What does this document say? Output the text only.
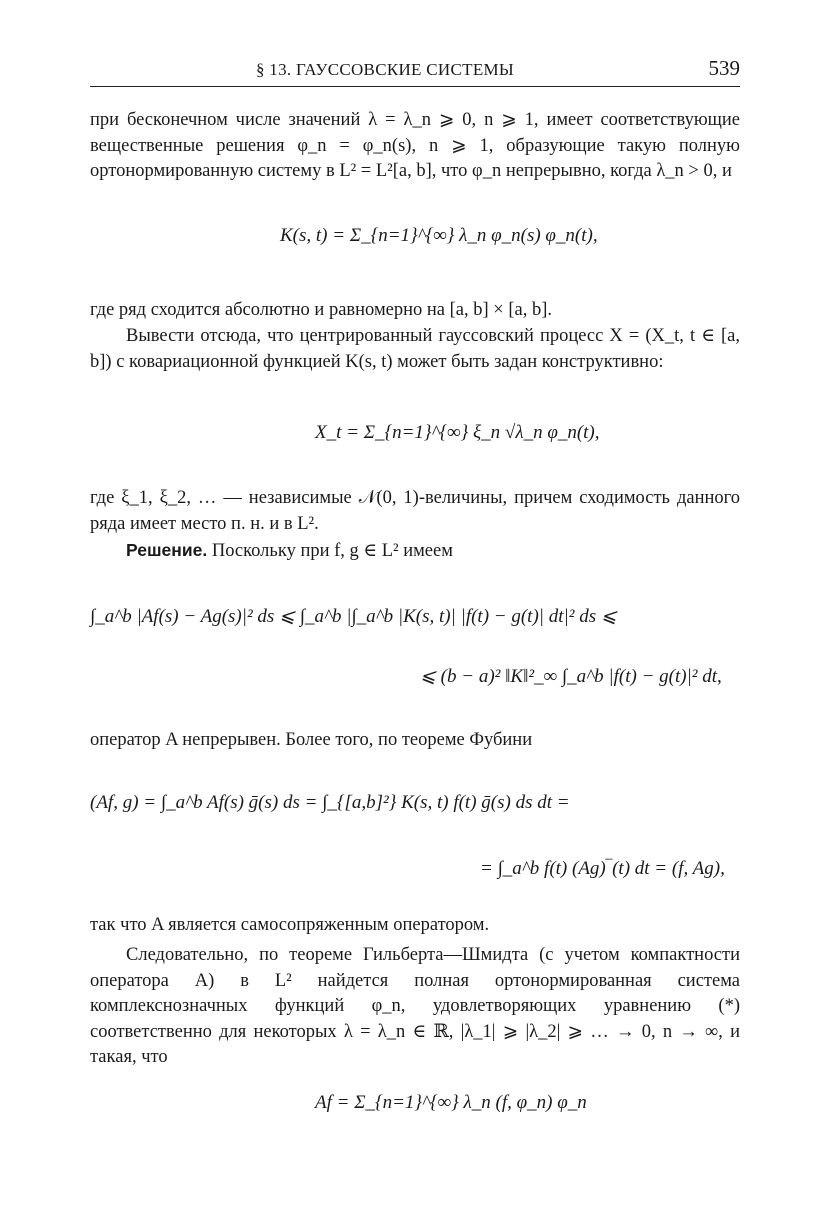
§ 13. ГАУССОВСКИЕ СИСТЕМЫ	539

при бесконечном числе значений λ = λ_n ⩾ 0, n ⩾ 1, имеет соответствующие вещественные решения φ_n = φ_n(s), n ⩾ 1, образующие такую полную ортонормированную систему в L² = L²[a, b], что φ_n непрерывно, когда λ_n > 0, и

K(s, t) = Σ_{n=1}^{∞} λ_n φ_n(s) φ_n(t),

где ряд сходится абсолютно и равномерно на [a, b] × [a, b].

Вывести отсюда, что центрированный гауссовский процесс X = (X_t, t ∈ [a, b]) с ковариационной функцией K(s, t) может быть задан конструктивно:

X_t = Σ_{n=1}^{∞} ξ_n √λ_n φ_n(t),

где ξ_1, ξ_2, … — независимые 𝒩(0, 1)-величины, причем сходимость данного ряда имеет место п. н. и в L².

Решение. Поскольку при f, g ∈ L² имеем

∫_a^b |Af(s) − Ag(s)|² ds ⩽ ∫_a^b |∫_a^b |K(s, t)| |f(t) − g(t)| dt|² ds ⩽
⩽ (b − a)² ‖K‖²_∞ ∫_a^b |f(t) − g(t)|² dt,

оператор A непрерывен. Более того, по теореме Фубини

(Af, g) = ∫_a^b Af(s) ḡ(s) ds = ∫_{[a,b]²} K(s, t) f(t) ḡ(s) ds dt =
= ∫_a^b f(t) (Ag)‾(t) dt = (f, Ag),

так что A является самосопряженным оператором.

Следовательно, по теореме Гильберта—Шмидта (с учетом компактности оператора A) в L² найдется полная ортонормированная система комплекснозначных функций φ_n, удовлетворяющих уравнению (*) соответственно для некоторых λ = λ_n ∈ ℝ, |λ_1| ⩾ |λ_2| ⩾ … → 0, n → ∞, и такая, что

Af = Σ_{n=1}^{∞} λ_n (f, φ_n) φ_n
